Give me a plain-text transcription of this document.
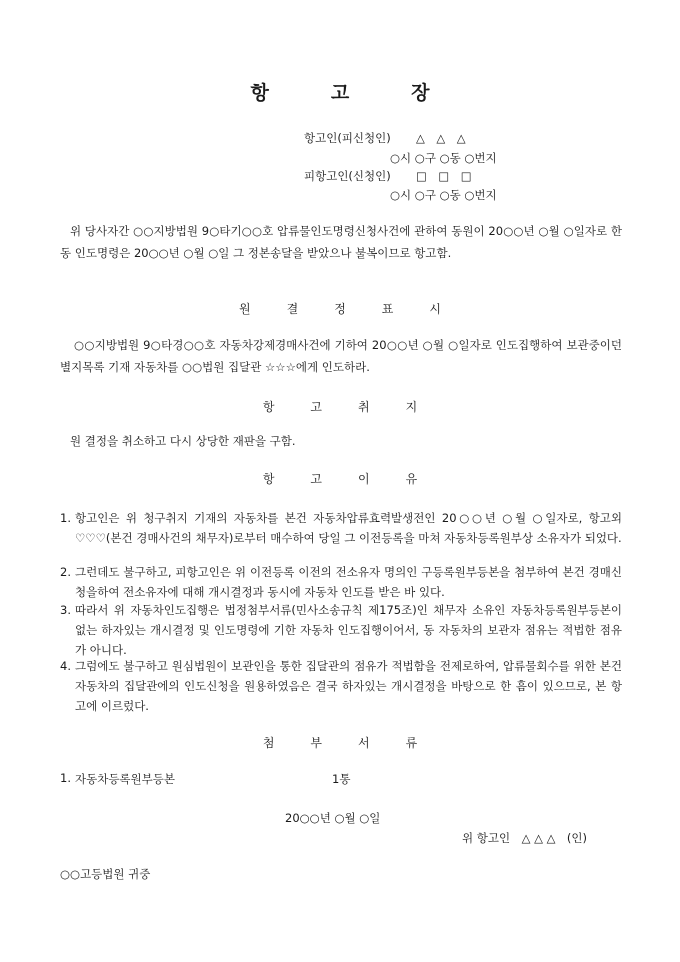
항	고	장
항고인(피신청인) △　△　△
○시 ○구 ○동 ○번지
피항고인(신청인) □　□　□
○시 ○구 ○동 ○번지
위 당사자간 ○○지방법원 9○타기○○호 압류물인도명령신청사건에 관하여 동원이 20○○년 ○월 ○일자로 한 동 인도명령은 20○○년 ○월 ○일 그 정본송달을 받았으나 불복이므로 항고함.
원	결	정	표	시
○○지방법원 9○타경○○호 자동차강제경매사건에 기하여 20○○년 ○월 ○일자로 인도집행하여 보관중이던 별지목록 기재 자동차를 ○○법원 집달관 ☆☆☆에게 인도하라.
항	고	취	지
원 결정을 취소하고 다시 상당한 재판을 구함.
항	고	이	유
1. 항고인은 위 청구취지 기재의 자동차를 본건 자동차압류효력발생전인 20○○년 ○월 ○일자로, 항고외 ♡♡♡(본건 경매사건의 채무자)로부터 매수하여 당일 그 이전등록을 마쳐 자동차등록원부상 소유자가 되었다.
2. 그런데도 불구하고, 피항고인은 위 이전등록 이전의 전소유자 명의인 구등록원부등본을 첨부하여 본건 경매신청을하여 전소유자에 대해 개시결정과 동시에 자동차 인도를 받은 바 있다.
3. 따라서 위 자동차인도집행은 법정첨부서류(민사소송규칙 제175조)인 채무자 소유인 자동차등록원부등본이 없는 하자있는 개시결정 및 인도명령에 기한 자동차 인도집행이어서, 동 자동차의 보관자 점유는 적법한 점유가 아니다.
4. 그럼에도 불구하고 원심법원이 보관인을 통한 집달관의 점유가 적법함을 전제로하여, 압류물회수를 위한 본건 자동차의 집달관에의 인도신청을 원용하였음은 결국 하자있는 개시결정을 바탕으로 한 흠이 있으므로, 본 항고에 이르렀다.
첨	부	서	류
1. 자동차등록원부등본	1통
20○○년 ○월 ○일
위 항고인　△ △ △　(인)
○○고등법원 귀중
